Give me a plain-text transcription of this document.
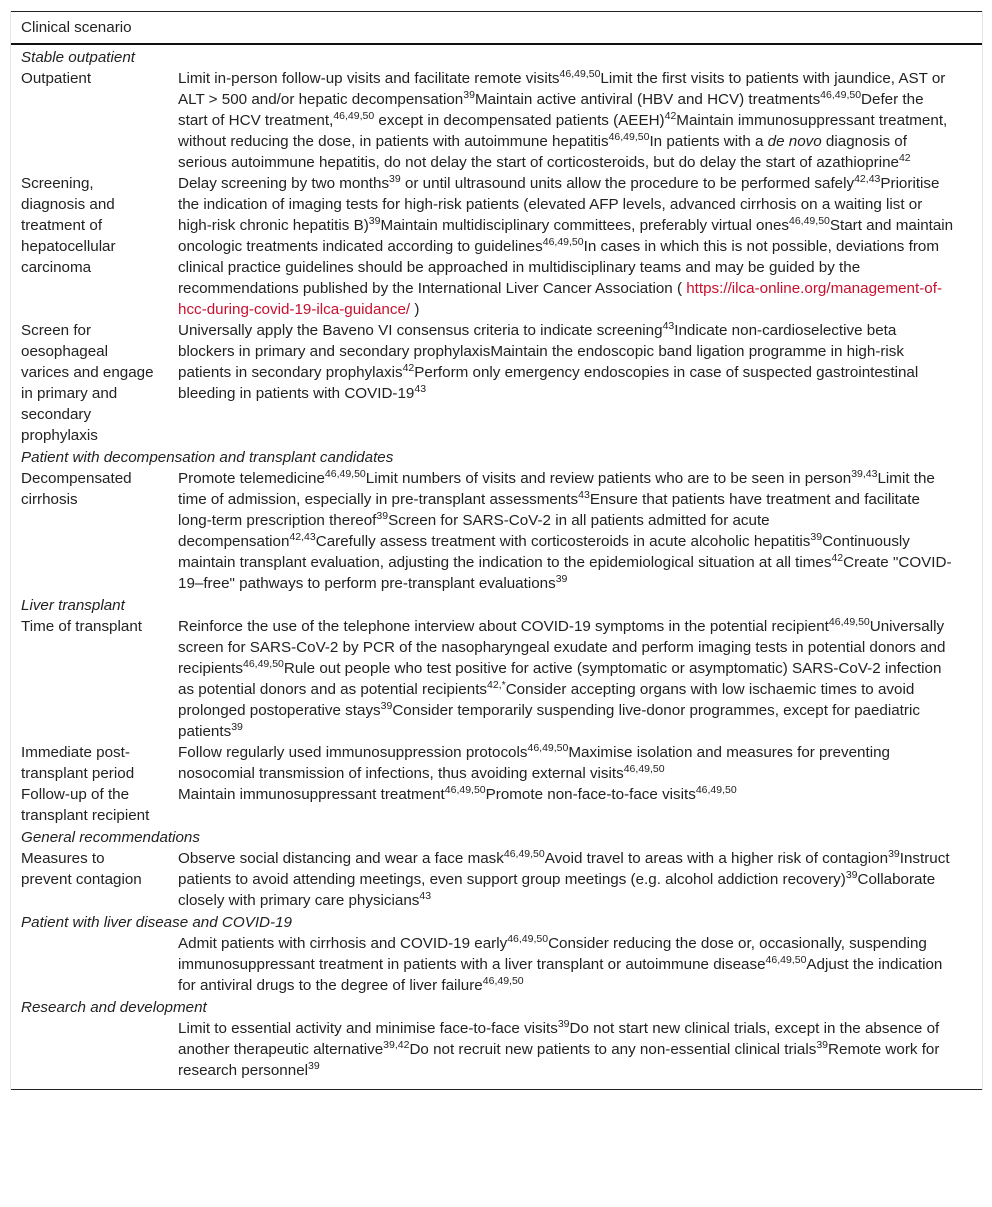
Clinical scenario	
Stable outpatient	
Outpatient	Limit in-person follow-up visits and facilitate remote visits$^{46,49,50}$Limit the first visits to patients with jaundice, AST or ALT > 500 and/or hepatic decompensation$^{39}$Maintain active antiviral (HBV and HCV) treatments$^{46,49,50}$Defer the start of HCV treatment,$^{46,49,50}$ except in decompensated patients (AEEH)$^{42}$Maintain immunosuppressant treatment, without reducing the dose, in patients with autoimmune hepatitis$^{46,49,50}$In patients with a de novo diagnosis of serious autoimmune hepatitis, do not delay the start of corticosteroids, but do delay the start of azathioprine$^{42}$
Screening, diagnosis and treatment of hepatocellular carcinoma	Delay screening by two months$^{39}$ or until ultrasound units allow the procedure to be performed safely$^{42,43}$Prioritise the indication of imaging tests for high-risk patients (elevated AFP levels, advanced cirrhosis on a waiting list or high-risk chronic hepatitis B)$^{39}$Maintain multidisciplinary committees, preferably virtual ones$^{46,49,50}$Start and maintain oncologic treatments indicated according to guidelines$^{46,49,50}$In cases in which this is not possible, deviations from clinical practice guidelines should be approached in multidisciplinary teams and may be guided by the recommendations published by the International Liver Cancer Association ( https://ilca-online.org/management-of-hcc-during-covid-19-ilca-guidance/ )
Screen for oesophageal varices and engage in primary and secondary prophylaxis	Universally apply the Baveno VI consensus criteria to indicate screening$^{43}$Indicate non-cardioselective beta blockers in primary and secondary prophylaxisMaintain the endoscopic band ligation programme in high-risk patients in secondary prophylaxis$^{42}$Perform only emergency endoscopies in case of suspected gastrointestinal bleeding in patients with COVID-$19^{43}$
Patient with decompensation and transplant candidates	
Decompensated cirrhosis	Promote telemedicine$^{46,49,50}$Limit numbers of visits and review patients who are to be seen in person$^{39,43}$Limit the time of admission, especially in pre-transplant assessments$^{43}$Ensure that patients have treatment and facilitate long-term prescription thereof$^{39}$Screen for SARS-CoV-2 in all patients admitted for acute decompensation$^{42,43}$Carefully assess treatment with corticosteroids in acute alcoholic hepatitis$^{39}$Continuously maintain transplant evaluation, adjusting the indication to the epidemiological situation at all times$^{42}$Create "COVID-19–free" pathways to perform pre-transplant evaluations$^{39}$
Liver transplant	
Time of transplant	Reinforce the use of the telephone interview about COVID-19 symptoms in the potential recipient$^{46,49,50}$Universally screen for SARS-CoV-2 by PCR of the nasopharyngeal exudate and perform imaging tests in potential donors and recipients$^{46,49,50}$Rule out people who test positive for active (symptomatic or asymptomatic) SARS-CoV-2 infection as potential donors and as potential recipients$^{42,*}$Consider accepting organs with low ischaemic times to avoid prolonged postoperative stays$^{39}$Consider temporarily suspending live-donor programmes, except for paediatric patients$^{39}$
Immediate post-transplant period	Follow regularly used immunosuppression protocols$^{46,49,50}$Maximise isolation and measures for preventing nosocomial transmission of infections, thus avoiding external visits$^{46,49,50}$
Follow-up of the transplant recipient	Maintain immunosuppressant treatment$^{46,49,50}$Promote non-face-to-face visits$^{46,49,50}$
General recommendations	
Measures to prevent contagion	Observe social distancing and wear a face mask$^{46,49,50}$Avoid travel to areas with a higher risk of contagion$^{39}$Instruct patients to avoid attending meetings, even support group meetings (e.g. alcohol addiction recovery)$^{39}$Collaborate closely with primary care physicians$^{43}$
Patient with liver disease and COVID-19	
	Admit patients with cirrhosis and COVID-19 early$^{46,49,50}$Consider reducing the dose or, occasionally, suspending immunosuppressant treatment in patients with a liver transplant or autoimmune disease$^{46,49,50}$Adjust the indication for antiviral drugs to the degree of liver failure$^{46,49,50}$
Research and development	
	Limit to essential activity and minimise face-to-face visits$^{39}$Do not start new clinical trials, except in the absence of another therapeutic alternative$^{39,42}$Do not recruit new patients to any non-essential clinical trials$^{39}$Remote work for research personnel$^{39}$
